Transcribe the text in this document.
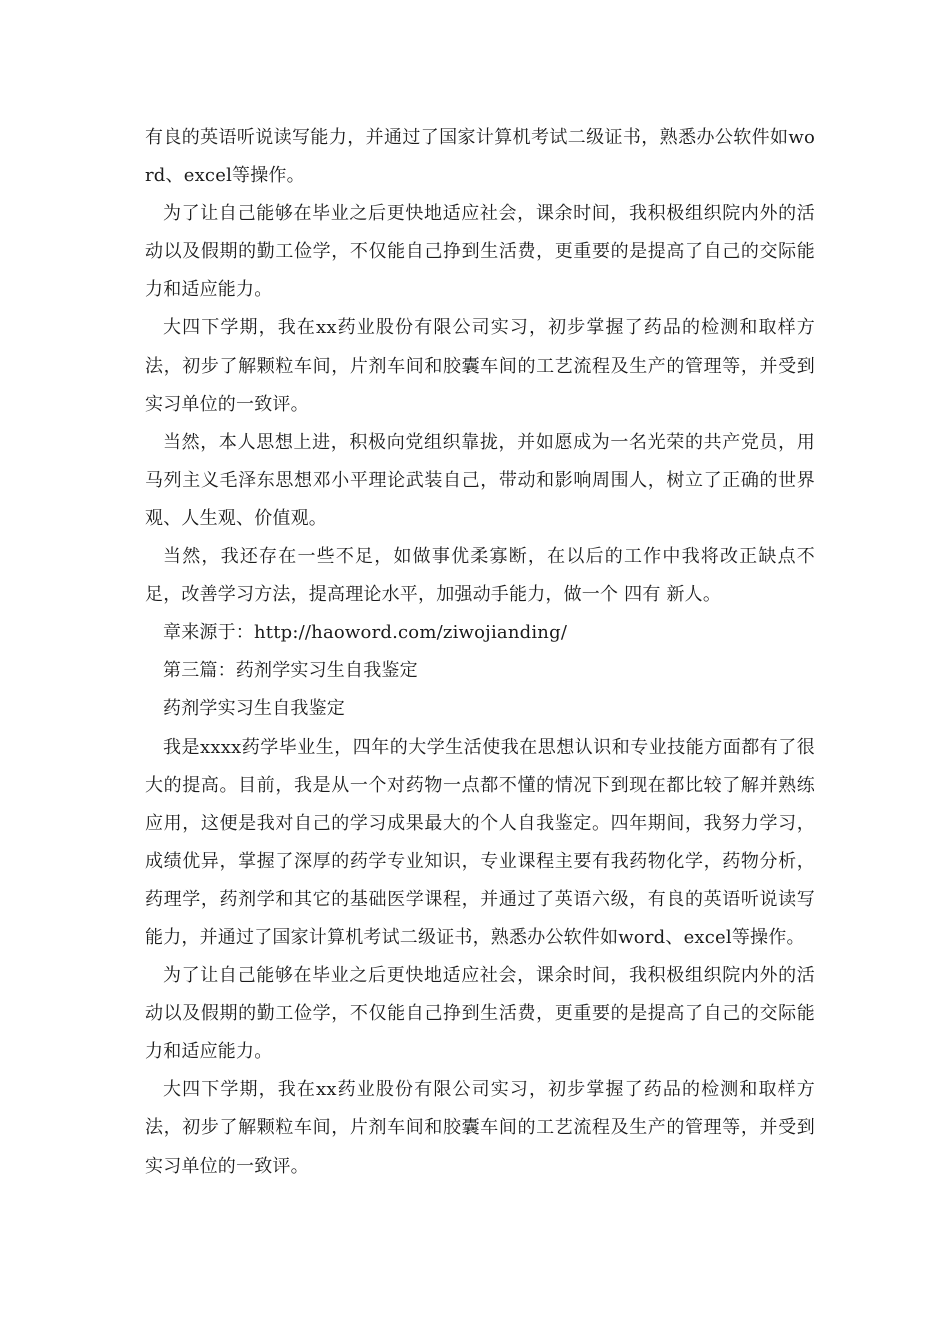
有良的英语听说读写能力，并通过了国家计算机考试二级证书，熟悉办公软件如word、excel等操作。

为了让自己能够在毕业之后更快地适应社会，课余时间，我积极组织院内外的活动以及假期的勤工俭学，不仅能自己挣到生活费，更重要的是提高了自己的交际能力和适应能力。

大四下学期，我在xx药业股份有限公司实习，初步掌握了药品的检测和取样方法，初步了解颗粒车间，片剂车间和胶囊车间的工艺流程及生产的管理等，并受到实习单位的一致评。

当然，本人思想上进，积极向党组织靠拢，并如愿成为一名光荣的共产党员，用马列主义毛泽东思想邓小平理论武装自己，带动和影响周围人，树立了正确的世界观、人生观、价值观。

当然，我还存在一些不足，如做事优柔寡断，在以后的工作中我将改正缺点不足，改善学习方法，提高理论水平，加强动手能力，做一个 四有 新人。

章来源于：http://haoword.com/ziwojianding/

第三篇：药剂学实习生自我鉴定

药剂学实习生自我鉴定

我是xxxx药学毕业生，四年的大学生活使我在思想认识和专业技能方面都有了很大的提高。目前，我是从一个对药物一点都不懂的情况下到现在都比较了解并熟练应用，这便是我对自己的学习成果最大的个人自我鉴定。四年期间，我努力学习，成绩优异，掌握了深厚的药学专业知识，专业课程主要有我药物化学，药物分析，药理学，药剂学和其它的基础医学课程，并通过了英语六级，有良的英语听说读写能力，并通过了国家计算机考试二级证书，熟悉办公软件如word、excel等操作。

为了让自己能够在毕业之后更快地适应社会，课余时间，我积极组织院内外的活动以及假期的勤工俭学，不仅能自己挣到生活费，更重要的是提高了自己的交际能力和适应能力。

大四下学期，我在xx药业股份有限公司实习，初步掌握了药品的检测和取样方法，初步了解颗粒车间，片剂车间和胶囊车间的工艺流程及生产的管理等，并受到实习单位的一致评。
